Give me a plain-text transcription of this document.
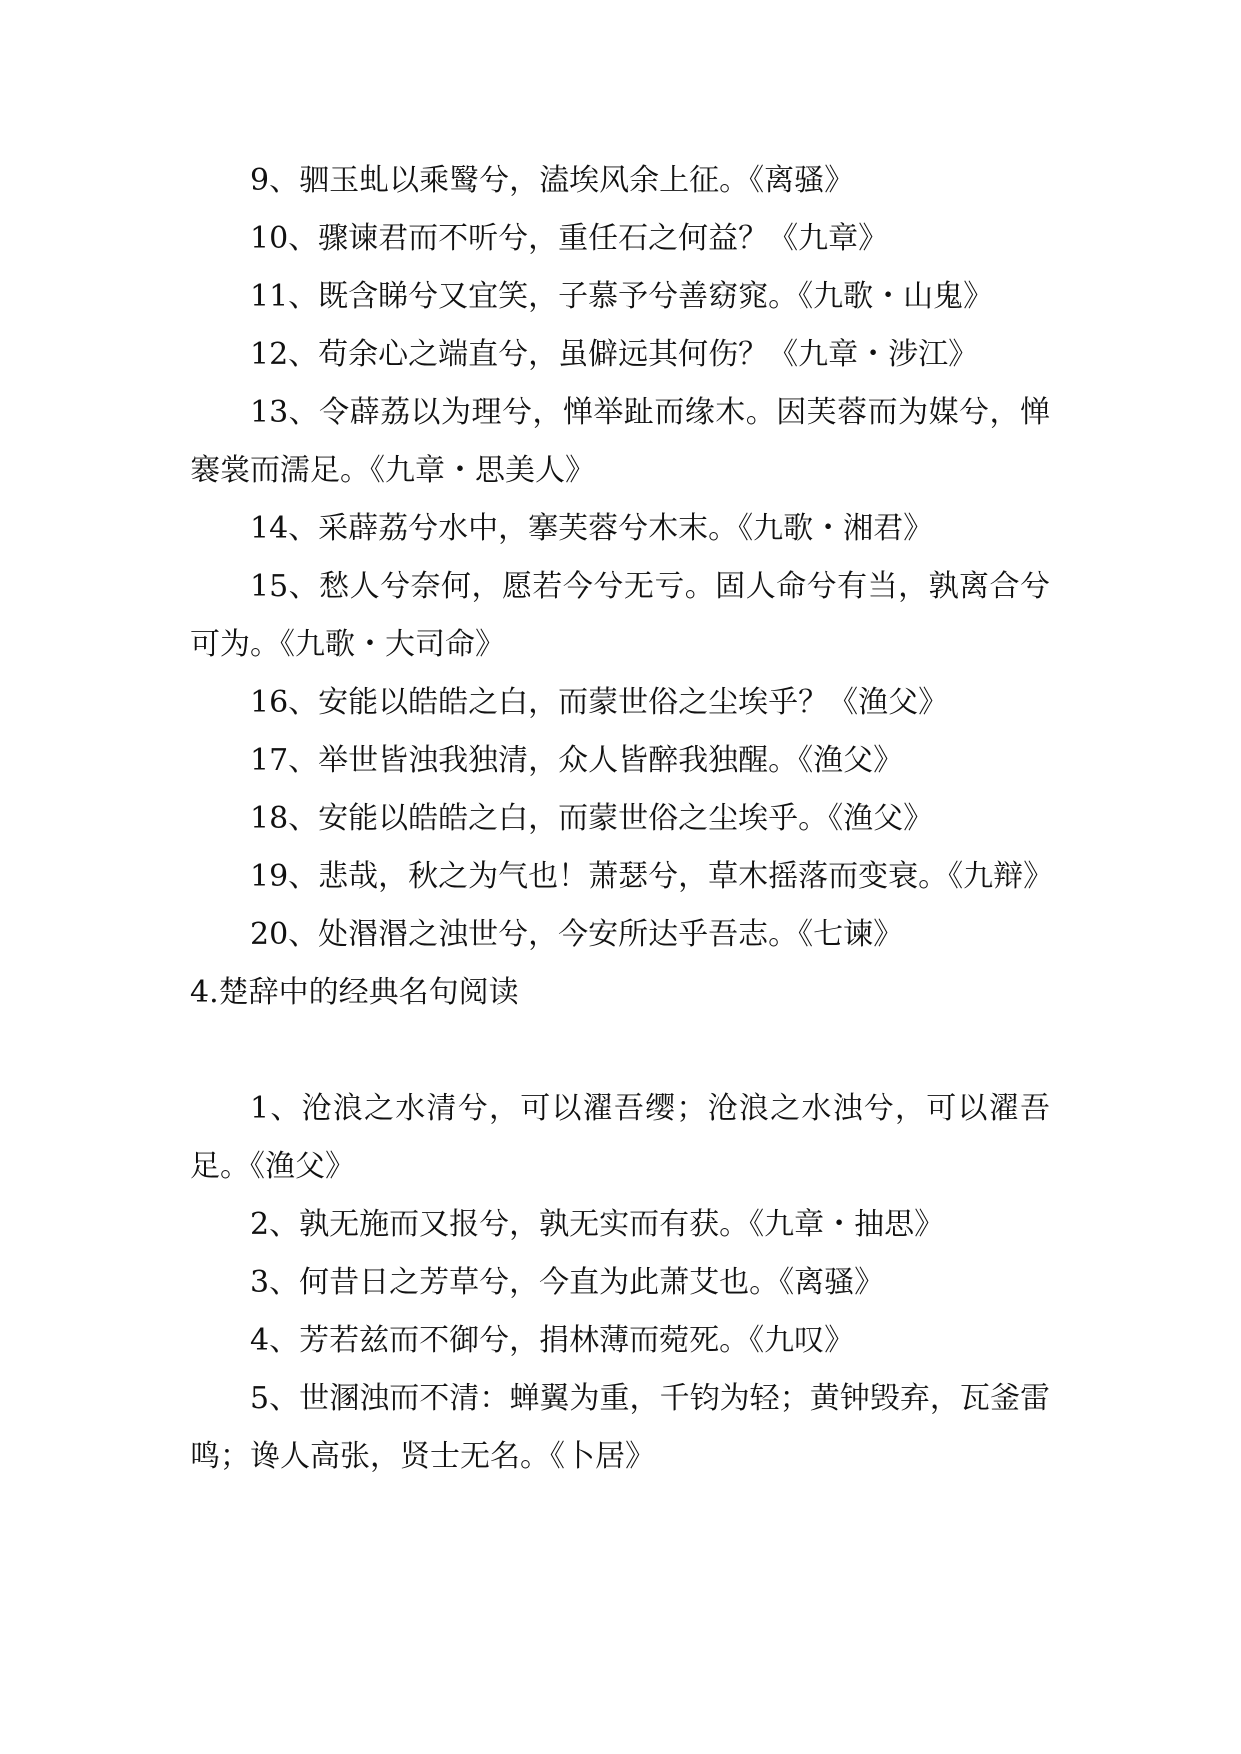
9、驷玉虬以乘鹥兮，溘埃风余上征。《离骚》

10、骤谏君而不听兮，重任石之何益？《九章》

11、既含睇兮又宜笑，子慕予兮善窈窕。《九歌・山鬼》

12、苟余心之端直兮，虽僻远其何伤？《九章・涉江》

13、令薜荔以为理兮，惮举趾而缘木。因芙蓉而为媒兮，惮褰裳而濡足。《九章・思美人》

14、采薜荔兮水中，搴芙蓉兮木末。《九歌・湘君》

15、愁人兮奈何，愿若今兮无亏。固人命兮有当，孰离合兮可为。《九歌・大司命》

16、安能以皓皓之白，而蒙世俗之尘埃乎？《渔父》

17、举世皆浊我独清，众人皆醉我独醒。《渔父》

18、安能以皓皓之白，而蒙世俗之尘埃乎。《渔父》

19、悲哉，秋之为气也！萧瑟兮，草木摇落而变衰。《九辩》

20、处湣湣之浊世兮，今安所达乎吾志。《七谏》

4.楚辞中的经典名句阅读

1、沧浪之水清兮，可以濯吾缨；沧浪之水浊兮，可以濯吾足。《渔父》

2、孰无施而又报兮，孰无实而有获。《九章・抽思》

3、何昔日之芳草兮，今直为此萧艾也。《离骚》

4、芳若兹而不御兮，捐林薄而菀死。《九叹》

5、世溷浊而不清：蝉翼为重，千钧为轻；黄钟毁弃，瓦釜雷鸣；谗人高张，贤士无名。《卜居》
